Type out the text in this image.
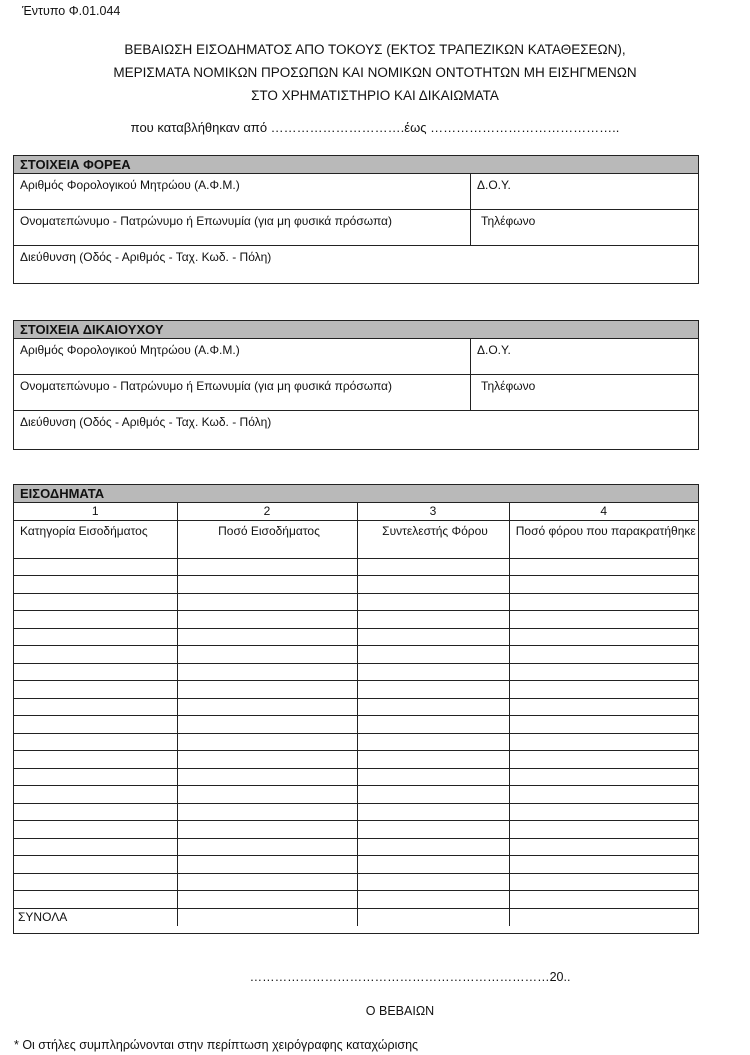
Έντυπο Φ.01.044
ΒΕΒΑΙΩΣΗ ΕΙΣΟΔΗΜΑΤΟΣ ΑΠΟ ΤΟΚΟΥΣ (ΕΚΤΟΣ ΤΡΑΠΕΖΙΚΩΝ ΚΑΤΑΘΕΣΕΩΝ),
ΜΕΡΙΣΜΑΤΑ ΝΟΜΙΚΩΝ ΠΡΟΣΩΠΩΝ ΚΑΙ ΝΟΜΙΚΩΝ ΟΝΤΟΤΗΤΩΝ ΜΗ ΕΙΣΗΓΜΕΝΩΝ
ΣΤΟ ΧΡΗΜΑΤΙΣΤΗΡΙΟ ΚΑΙ ΔΙΚΑΙΩΜΑΤΑ
που καταβλήθηκαν από ………………………….έως ……………………………………..
ΣΤΟΙΧΕΙΑ ΦΟΡΕΑ
Αριθμός Φορολογικού Μητρώου (Α.Φ.Μ.)	Δ.Ο.Υ.
Ονοματεπώνυμο - Πατρώνυμο ή Επωνυμία (για μη φυσικά πρόσωπα)	Τηλέφωνο
Διεύθυνση (Οδός - Αριθμός - Ταχ. Κωδ. - Πόλη)
ΣΤΟΙΧΕΙΑ ΔΙΚΑΙΟΥΧΟΥ
Αριθμός Φορολογικού Μητρώου (Α.Φ.Μ.)	Δ.Ο.Υ.
Ονοματεπώνυμο - Πατρώνυμο ή Επωνυμία (για μη φυσικά πρόσωπα)	Τηλέφωνο
Διεύθυνση (Οδός - Αριθμός - Ταχ. Κωδ. - Πόλη)
ΕΙΣΟΔΗΜΑΤΑ
1	2	3	4
Κατηγορία Εισοδήματος	Ποσό Εισοδήματος	Συντελεστής Φόρου	Ποσό φόρου που παρακρατήθηκε

ΣΥΝΟΛΑ			
………………………………………………………………20..
Ο ΒΕΒΑΙΩΝ
* Οι στήλες συμπληρώνονται στην περίπτωση χειρόγραφης καταχώρισης
